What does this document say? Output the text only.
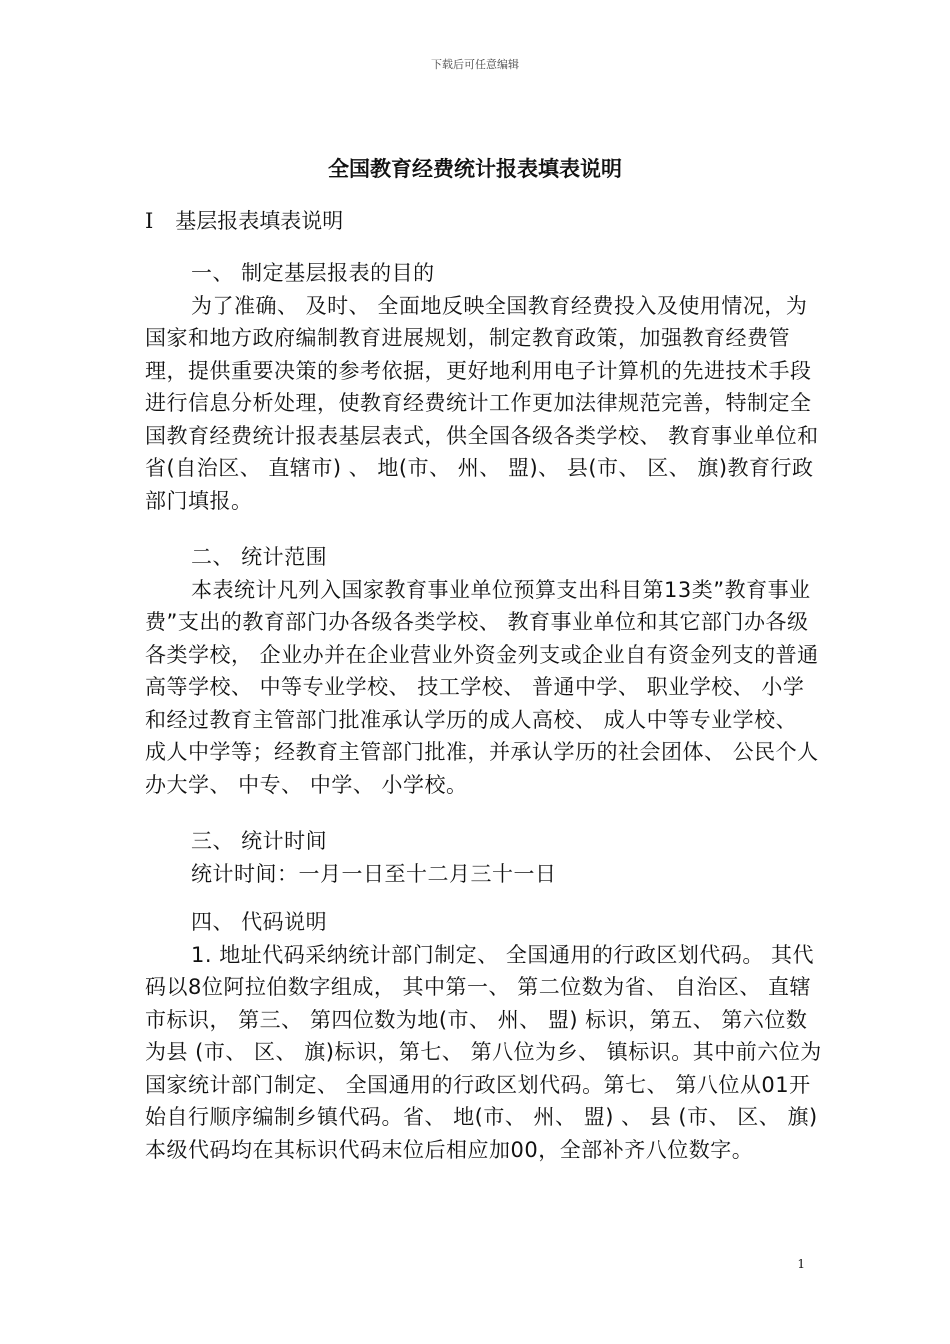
下载后可任意编辑
全国教育经费统计报表填表说明
I 基层报表填表说明
一、 制定基层报表的目的

为了准确、 及时、 全面地反映全国教育经费投入及使用情况，为国家和地方政府编制教育进展规划，制定教育政策，加强教育经费管理，提供重要决策的参考依据，更好地利用电子计算机的先进技术手段进行信息分析处理，使教育经费统计工作更加法律规范完善，特制定全国教育经费统计报表基层表式，供全国各级各类学校、 教育事业单位和省(自治区、 直辖市) 、 地(市、 州、 盟)、 县(市、 区、 旗)教育行政部门填报。

二、 统计范围

本表统计凡列入国家教育事业单位预算支出科目第13类”教育事业费”支出的教育部门办各级各类学校、 教育事业单位和其它部门办各级各类学校， 企业办并在企业营业外资金列支或企业自有资金列支的普通高等学校、 中等专业学校、 技工学校、 普通中学、 职业学校、 小学和经过教育主管部门批准承认学历的成人高校、 成人中等专业学校、 成人中学等；经教育主管部门批准，并承认学历的社会团体、 公民个人办大学、 中专、 中学、 小学校。

三、 统计时间

统计时间：一月一日至十二月三十一日

四、 代码说明

1. 地址代码采纳统计部门制定、 全国通用的行政区划代码。 其代码以8位阿拉伯数字组成， 其中第一、 第二位数为省、 自治区、 直辖市标识， 第三、 第四位数为地(市、 州、 盟) 标识，第五、 第六位数为县 (市、 区、 旗)标识，第七、 第八位为乡、 镇标识。其中前六位为国家统计部门制定、 全国通用的行政区划代码。第七、 第八位从01开始自行顺序编制乡镇代码。省、 地(市、 州、 盟) 、 县 (市、 区、 旗)本级代码均在其标识代码末位后相应加00，全部补齐八位数字。

1
